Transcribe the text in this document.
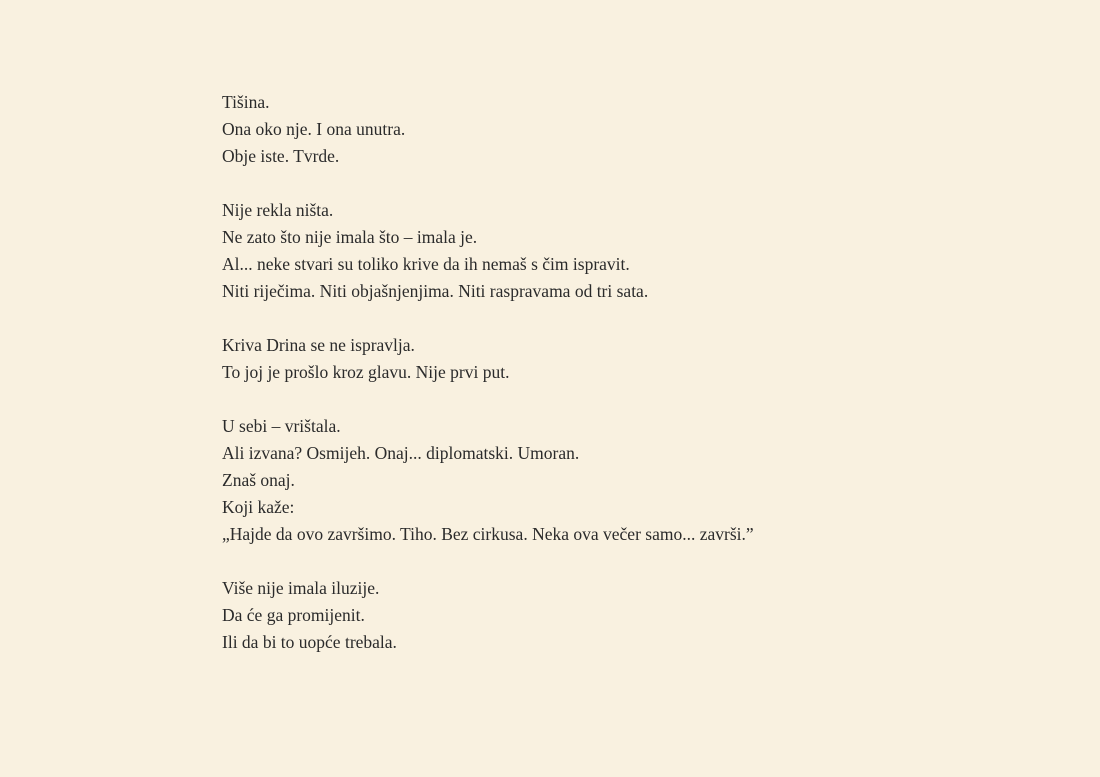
Tišina.
Ona oko nje. I ona unutra.
Obje iste. Tvrde.
Nije rekla ništa.
Ne zato što nije imala što – imala je.
Al... neke stvari su toliko krive da ih nemaš s čim ispravit.
Niti riječima. Niti objašnjenjima. Niti raspravama od tri sata.
Kriva Drina se ne ispravlja.
To joj je prošlo kroz glavu. Nije prvi put.
U sebi – vrištala.
Ali izvana? Osmijeh. Onaj... diplomatski. Umoran.
Znaš onaj.
Koji kaže:
„Hajde da ovo završimo. Tiho. Bez cirkusa. Neka ova večer samo... završi.”
Više nije imala iluzije.
Da će ga promijenit.
Ili da bi to uopće trebala.
